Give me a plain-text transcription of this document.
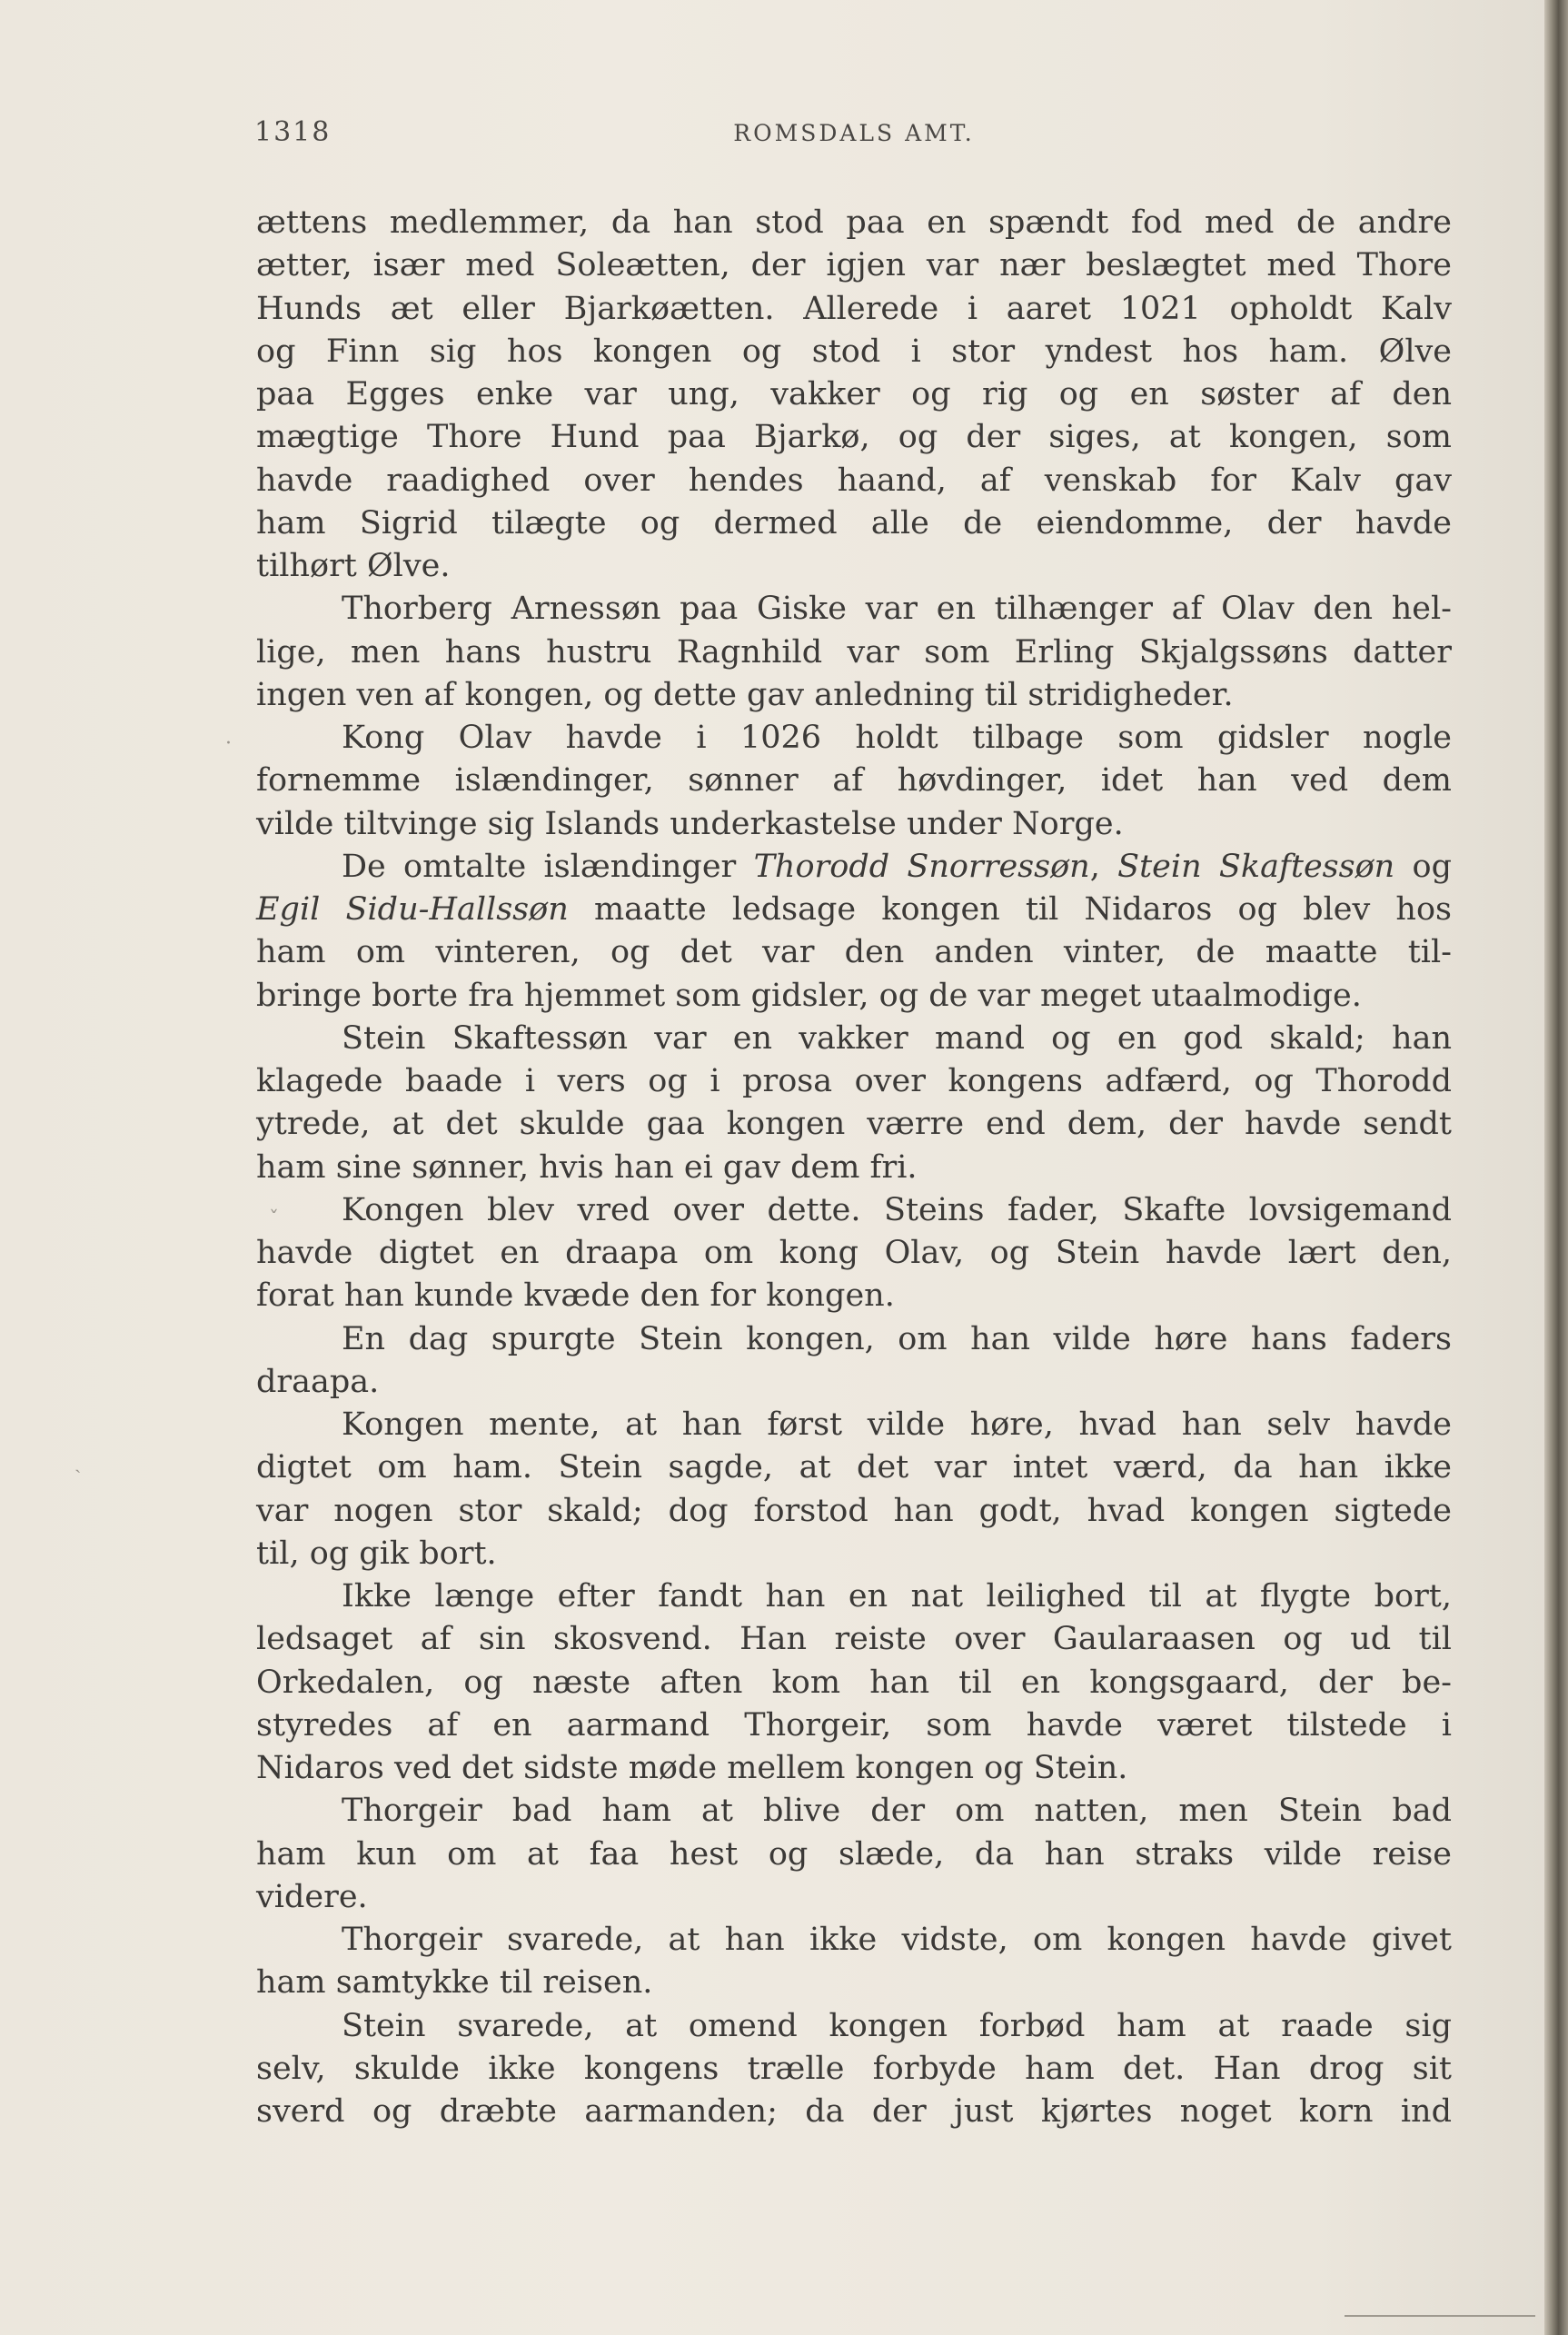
1318	ROMSDALS AMT.
ættens medlemmer, da han stod paa en spændt fod med de andre
ætter, især med Soleætten, der igjen var nær beslægtet med Thore
Hunds æt eller Bjarkøætten. Allerede i aaret 1021 opholdt Kalv
og Finn sig hos kongen og stod i stor yndest hos ham. Ølve
paa Egges enke var ung, vakker og rig og en søster af den
mægtige Thore Hund paa Bjarkø, og der siges, at kongen, som
havde raadighed over hendes haand, af venskab for Kalv gav
ham Sigrid tilægte og dermed alle de eiendomme, der havde
tilhørt Ølve.
Thorberg Arnessøn paa Giske var en tilhænger af Olav den hel-
lige, men hans hustru Ragnhild var som Erling Skjalgssøns datter
ingen ven af kongen, og dette gav anledning til stridigheder.
Kong Olav havde i 1026 holdt tilbage som gidsler nogle
fornemme islændinger, sønner af høvdinger, idet han ved dem
vilde tiltvinge sig Islands underkastelse under Norge.
De omtalte islændinger Thorodd Snorressøn, Stein Skaftessøn og
Egil Sidu-Hallssøn maatte ledsage kongen til Nidaros og blev hos
ham om vinteren, og det var den anden vinter, de maatte til-
bringe borte fra hjemmet som gidsler, og de var meget utaalmodige.
Stein Skaftessøn var en vakker mand og en god skald; han
klagede baade i vers og i prosa over kongens adfærd, og Thorodd
ytrede, at det skulde gaa kongen værre end dem, der havde sendt
ham sine sønner, hvis han ei gav dem fri.
Kongen blev vred over dette. Steins fader, Skafte lovsigemand
havde digtet en draapa om kong Olav, og Stein havde lært den,
forat han kunde kvæde den for kongen.
En dag spurgte Stein kongen, om han vilde høre hans faders
draapa.
Kongen mente, at han først vilde høre, hvad han selv havde
digtet om ham. Stein sagde, at det var intet værd, da han ikke
var nogen stor skald; dog forstod han godt, hvad kongen sigtede
til, og gik bort.
Ikke længe efter fandt han en nat leilighed til at flygte bort,
ledsaget af sin skosvend. Han reiste over Gaularaasen og ud til
Orkedalen, og næste aften kom han til en kongsgaard, der be-
styredes af en aarmand Thorgeir, som havde været tilstede i
Nidaros ved det sidste møde mellem kongen og Stein.
Thorgeir bad ham at blive der om natten, men Stein bad
ham kun om at faa hest og slæde, da han straks vilde reise
videre.
Thorgeir svarede, at han ikke vidste, om kongen havde givet
ham samtykke til reisen.
Stein svarede, at omend kongen forbød ham at raade sig
selv, skulde ikke kongens trælle forbyde ham det. Han drog sit
sverd og dræbte aarmanden; da der just kjørtes noget korn ind
·
ˇ
ˎ
